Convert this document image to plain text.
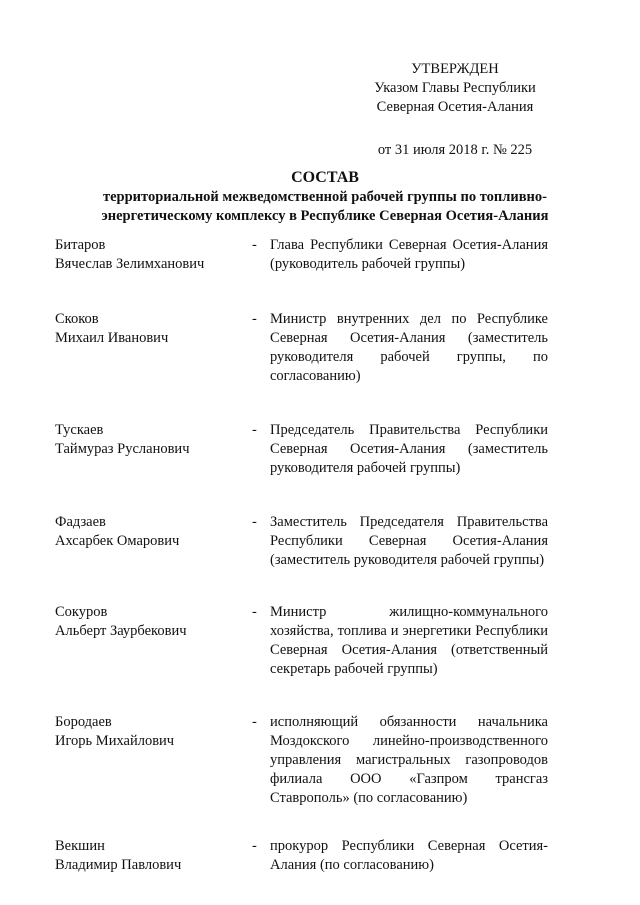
УТВЕРЖДЕН
Указом Главы Республики
Северная Осетия-Алания
от 31 июля 2018 г. № 225
СОСТАВ
территориальной межведомственной рабочей группы по топливно-
энергетическому комплексу в Республике Северная Осетия-Алания
Битаров
Вячеслав Зелимханович
- Глава Республики Северная Осетия-Алания (руководитель рабочей группы)
Скоков
Михаил Иванович
- Министр внутренних дел по Республике Северная Осетия-Алания (заместитель руководителя рабочей группы, по согласованию)
Тускаев
Таймураз Русланович
- Председатель Правительства Республики Северная Осетия-Алания (заместитель руководителя рабочей группы)
Фадзаев
Ахсарбек Омарович
- Заместитель Председателя Правительства Республики Северная Осетия-Алания (заместитель руководителя рабочей группы)
Сокуров
Альберт Заурбекович
- Министр жилищно-коммунального хозяйства, топлива и энергетики Республики Северная Осетия-Алания (ответственный секретарь рабочей группы)
Бородаев
Игорь Михайлович
- исполняющий обязанности начальника Моздокского линейно-производственного управления магистральных газопроводов филиала ООО «Газпром трансгаз Ставрополь» (по согласованию)
Векшин
Владимир Павлович
- прокурор Республики Северная Осетия-Алания (по согласованию)
